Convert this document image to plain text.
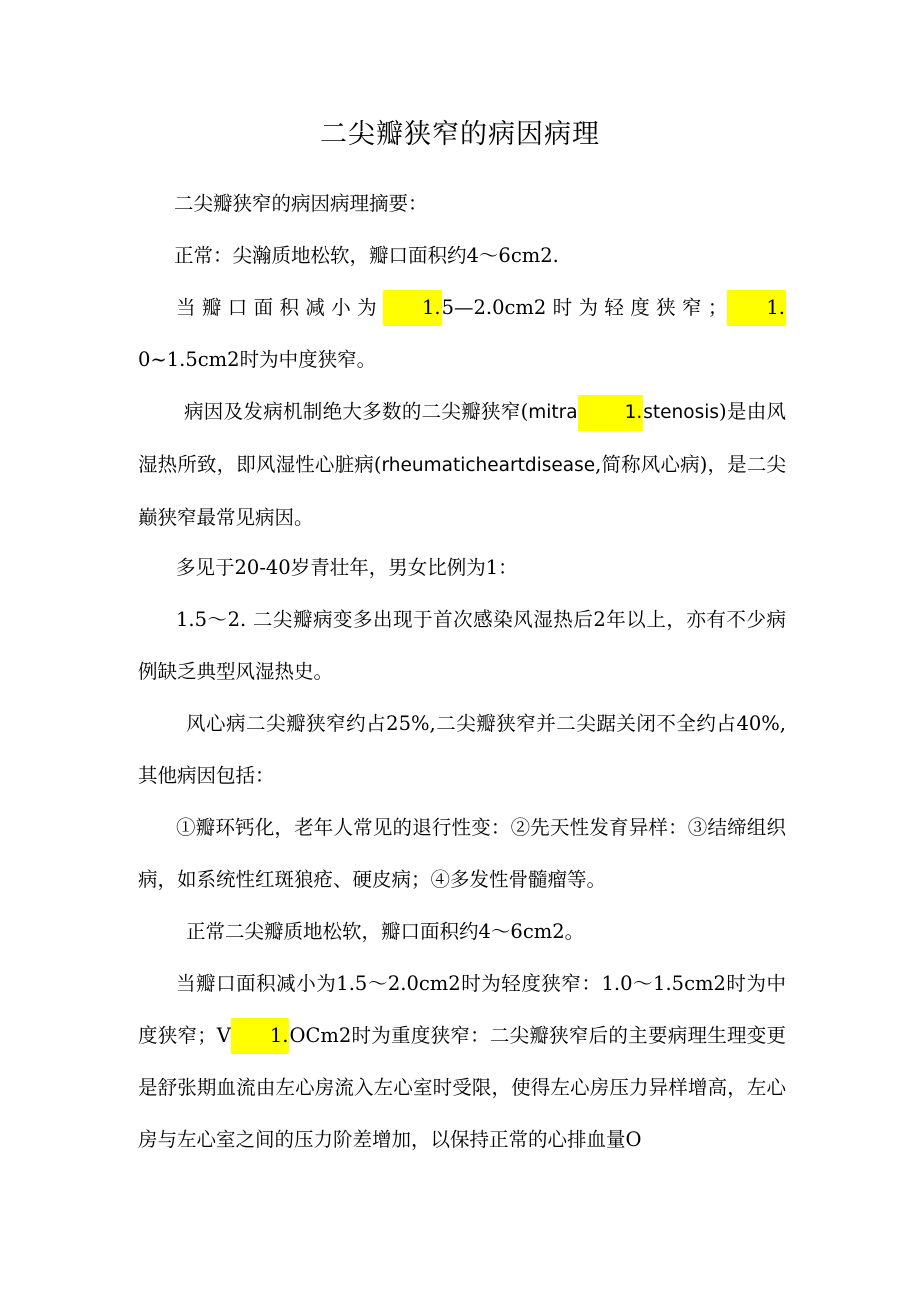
二尖瓣狭窄的病因病理
二尖瓣狭窄的病因病理摘要：
正常：尖瀚质地松软，瓣口面积约4～6cm2.
当瓣口面积减小为 1.5—2.0cm2时为轻度狭窄； 1.0~1.5cm2时为中度狭窄。
病因及发病机制绝大多数的二尖瓣狭窄(mitra	1.stenosis)是由风湿热所致，即风湿性心脏病(rheumaticheartdisease,简称风心病)，是二尖巅狭窄最常见病因。
多见于20-40岁青壮年，男女比例为1：
1.5～2. 二尖瓣病变多出现于首次感染风湿热后2年以上，亦有不少病例缺乏典型风湿热史。
风心病二尖瓣狭窄约占25%,二尖瓣狭窄并二尖踞关闭不全约占40%,其他病因包括：
①瓣环钙化，老年人常见的退行性变：②先天性发育异样：③结缔组织病，如系统性红斑狼疮、硬皮病；④多发性骨髓瘤等。
正常二尖瓣质地松软，瓣口面积约4～6cm2。
当瓣口面积减小为1.5～2.0cm2时为轻度狭窄：1.0～1.5cm2时为中度狭窄；V 1.OCm2时为重度狭窄：二尖瓣狭窄后的主要病理生理变更是舒张期血流由左心房流入左心室时受限，使得左心房压力异样增高，左心房与左心室之间的压力阶差增加，以保持正常的心排血量O
